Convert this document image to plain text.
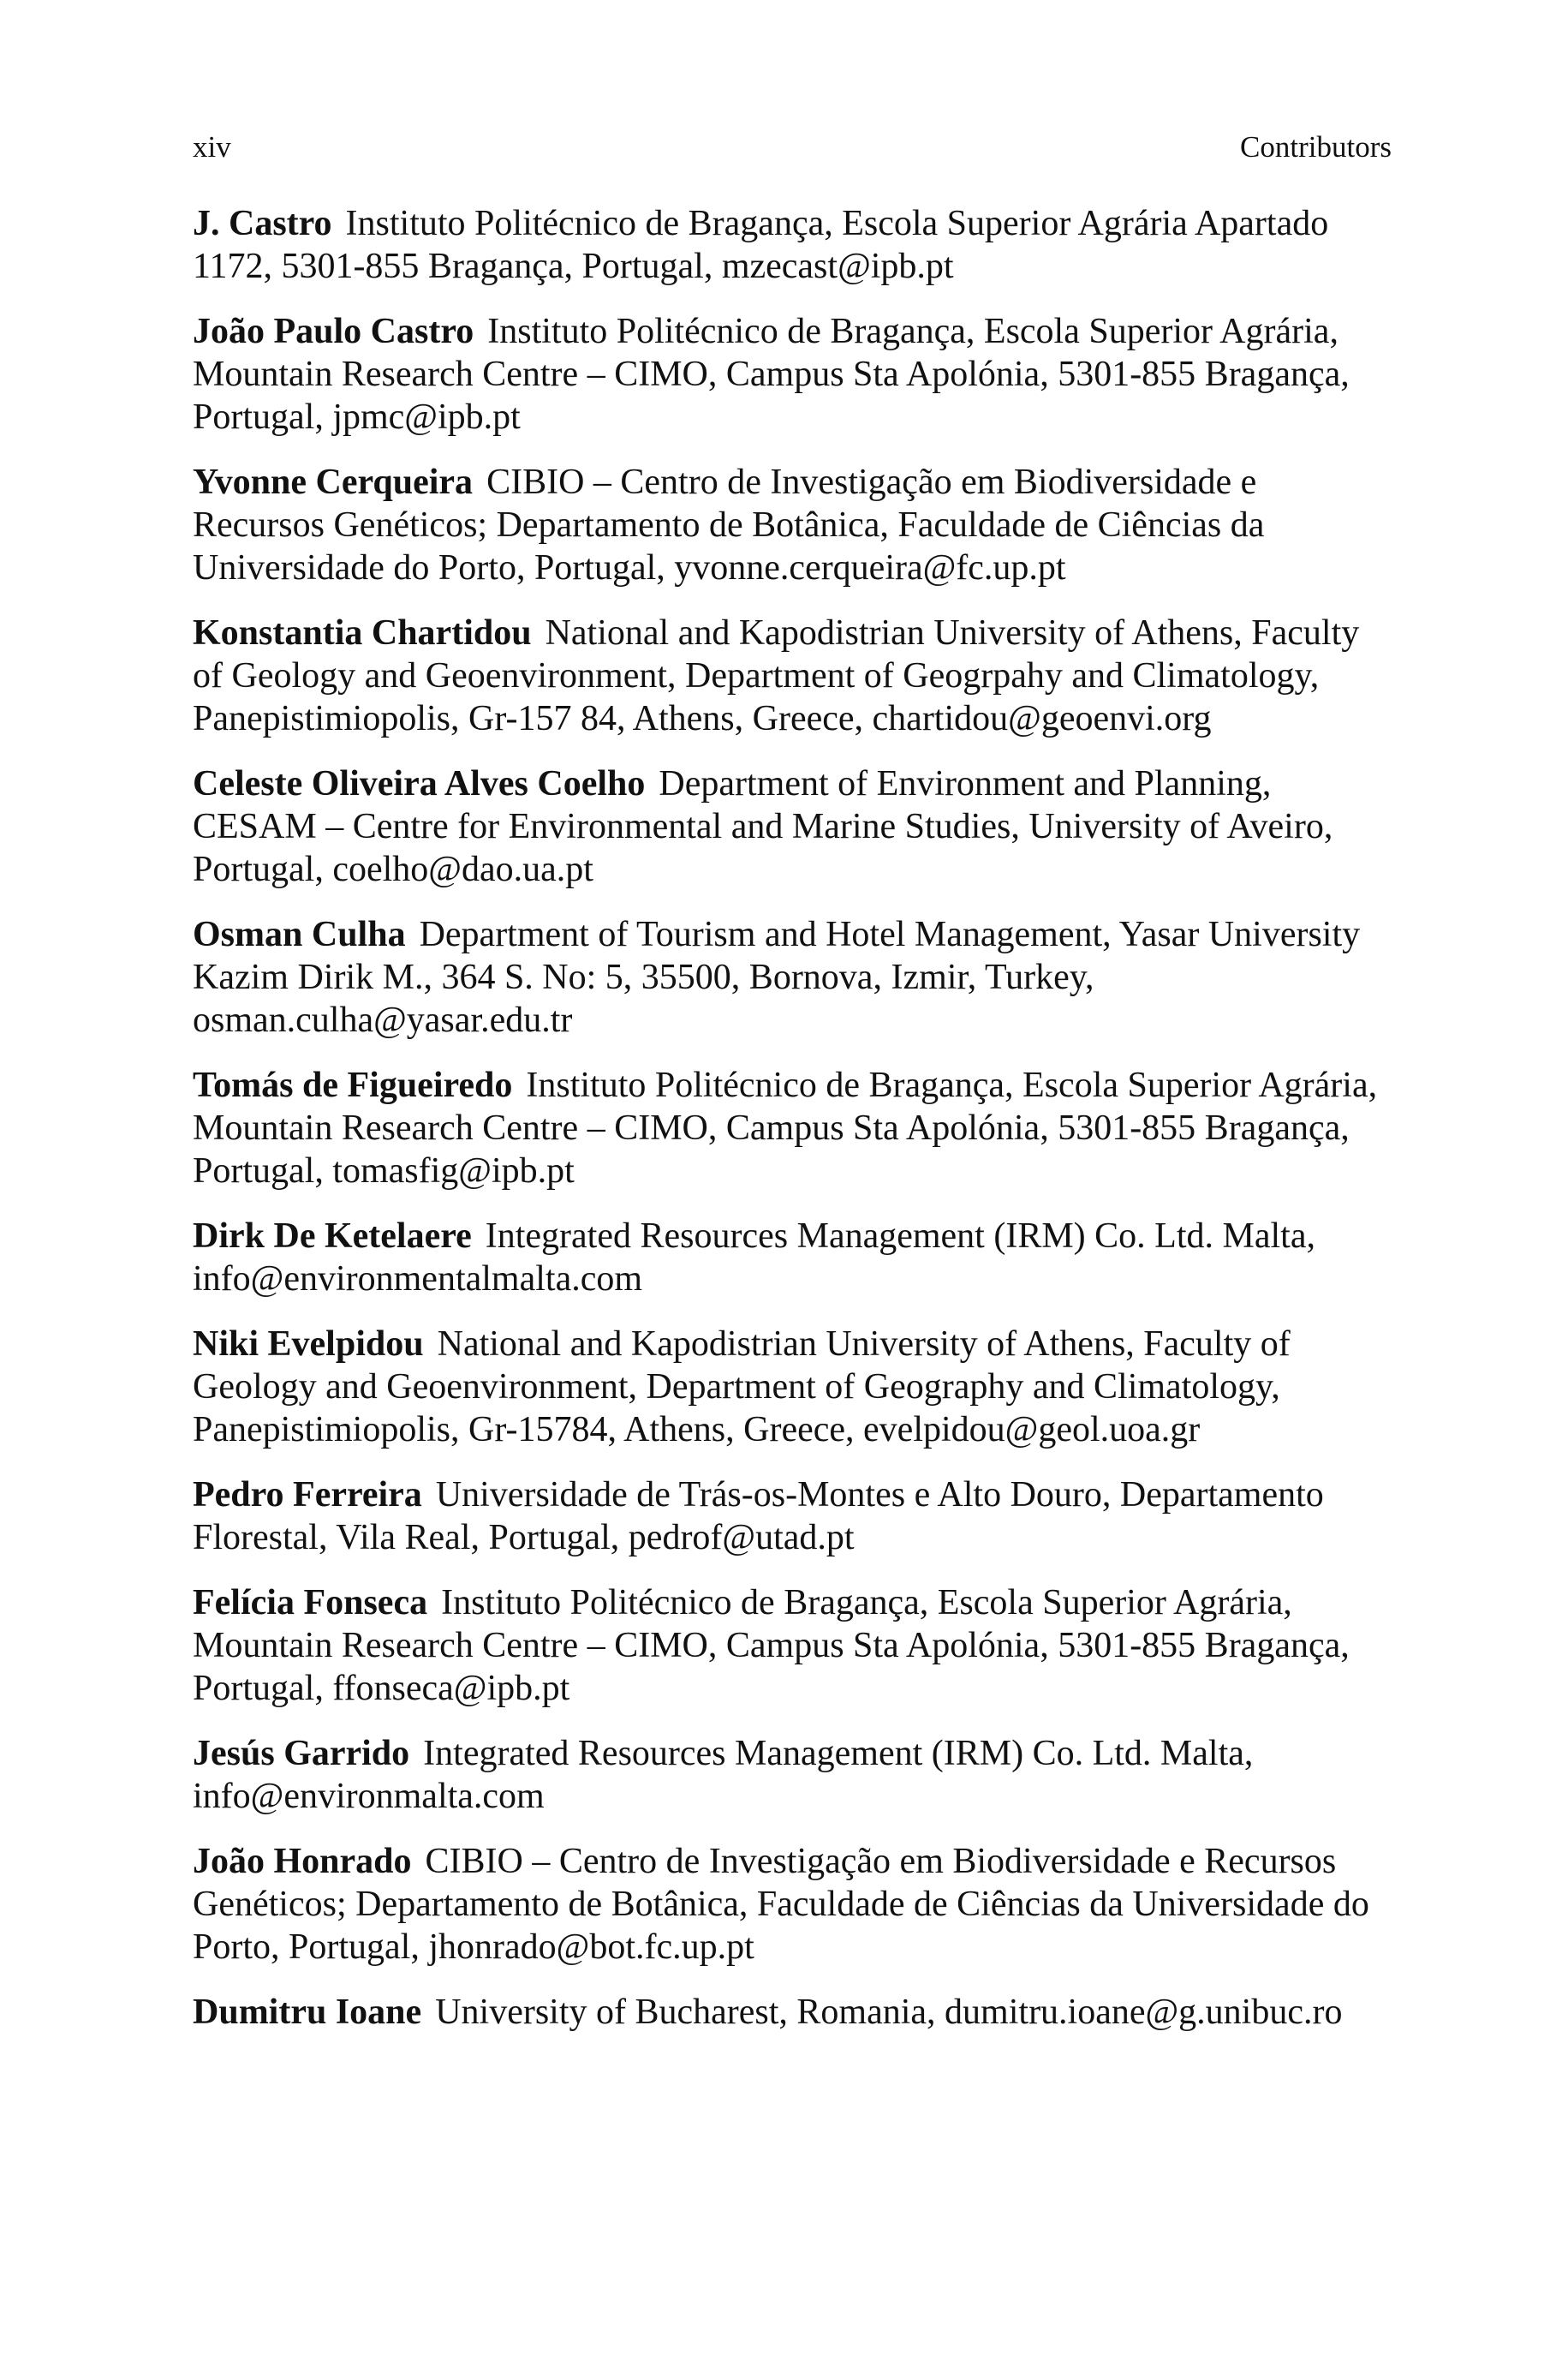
xiv	Contributors

J. Castro Instituto Politécnico de Bragança, Escola Superior Agrária Apartado 1172, 5301-855 Bragança, Portugal, mzecast@ipb.pt

João Paulo Castro Instituto Politécnico de Bragança, Escola Superior Agrária, Mountain Research Centre – CIMO, Campus Sta Apolónia, 5301-855 Bragança, Portugal, jpmc@ipb.pt

Yvonne Cerqueira CIBIO – Centro de Investigação em Biodiversidade e Recursos Genéticos; Departamento de Botânica, Faculdade de Ciências da Universidade do Porto, Portugal, yvonne.cerqueira@fc.up.pt

Konstantia Chartidou National and Kapodistrian University of Athens, Faculty of Geology and Geoenvironment, Department of Geogrpahy and Climatology, Panepistimiopolis, Gr-157 84, Athens, Greece, chartidou@geoenvi.org

Celeste Oliveira Alves Coelho Department of Environment and Planning, CESAM – Centre for Environmental and Marine Studies, University of Aveiro, Portugal, coelho@dao.ua.pt

Osman Culha Department of Tourism and Hotel Management, Yasar University Kazim Dirik M., 364 S. No: 5, 35500, Bornova, Izmir, Turkey, osman.culha@yasar.edu.tr

Tomás de Figueiredo Instituto Politécnico de Bragança, Escola Superior Agrária, Mountain Research Centre – CIMO, Campus Sta Apolónia, 5301-855 Bragança, Portugal, tomasfig@ipb.pt

Dirk De Ketelaere Integrated Resources Management (IRM) Co. Ltd. Malta, info@environmentalmalta.com

Niki Evelpidou National and Kapodistrian University of Athens, Faculty of Geology and Geoenvironment, Department of Geography and Climatology, Panepistimiopolis, Gr-15784, Athens, Greece, evelpidou@geol.uoa.gr

Pedro Ferreira Universidade de Trás-os-Montes e Alto Douro, Departamento Florestal, Vila Real, Portugal, pedrof@utad.pt

Felícia Fonseca Instituto Politécnico de Bragança, Escola Superior Agrária, Mountain Research Centre – CIMO, Campus Sta Apolónia, 5301-855 Bragança, Portugal, ffonseca@ipb.pt

Jesús Garrido Integrated Resources Management (IRM) Co. Ltd. Malta, info@environmalta.com

João Honrado CIBIO – Centro de Investigação em Biodiversidade e Recursos Genéticos; Departamento de Botânica, Faculdade de Ciências da Universidade do Porto, Portugal, jhonrado@bot.fc.up.pt

Dumitru Ioane University of Bucharest, Romania, dumitru.ioane@g.unibuc.ro
